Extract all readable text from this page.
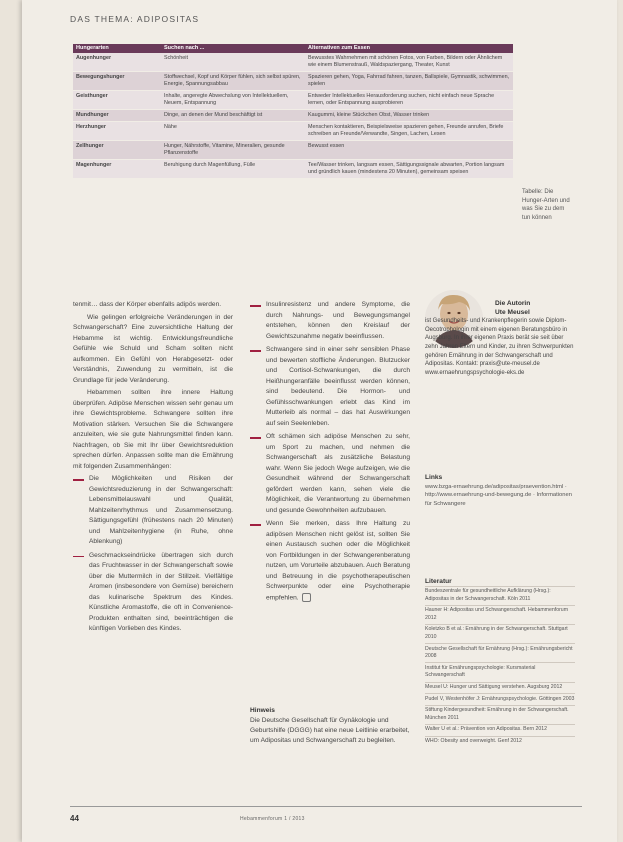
DAS THEMA: ADIPOSITAS
Hungerarten	Suchen nach ...	Alternativen zum Essen
Augenhunger	Schönheit	Bewusstes Wahrnehmen mit schönen Fotos, von Farben, Bildern oder Ähnlichem wie einem Blumenstrauß, Waldspaziergang, Theater, Kunst
Bewegungshunger	Stoffwechsel, Kopf und Körper fühlen, sich selbst spüren, Energie, Spannungsabbau	Spazieren gehen, Yoga, Fahrrad fahren, tanzen, Ballspiele, Gymnastik, schwimmen, spielen
Geisthunger	Inhalte, angeregte Abwechslung von Intellektuellem, Neuem, Entspannung	Entweder Intellektuelles Herausforderung suchen, nicht einfach neue Sprache lernen, oder Entspannung ausprobieren
Mundhunger	Dinge, an denen der Mund beschäftigt ist	Kaugummi, kleine Stückchen Obst, Wasser trinken
Herzhunger	Nähe	Menschen kontaktieren, Beispielsweise spazieren gehen, Freunde anrufen, Briefe schreiben an Freunde/Verwandte, Singen, Lachen, Lesen
Zellhunger	Hunger, Nährstoffe, Vitamine, Mineralien, gesunde Pflanzenstoffe	Bewusst essen
Magenhunger	Beruhigung durch Magenfüllung, Fülle	Tee/Wasser trinken, langsam essen, Sättigungssignale abwarten, Portion langsam und gründlich kauen (mindestens 20 Minuten), gemeinsam speisen
Tabelle: Die Hunger-Arten und was Sie zu dem tun können

tenmit… dass der Körper ebenfalls adipös werden.

Wie gelingen erfolgreiche Veränderungen in der Schwangerschaft? Eine zuversichtliche Haltung der Hebamme ist wichtig. Entwicklungsfreundliche Gefühle wie Schuld und Scham sollten nicht aufkommen. Ein Gefühl von Herabgesetzt- oder Verständnis, Zuwendung zu vermitteln, ist die Grundlage für jede Veränderung.

Hebammen sollten ihre innere Haltung überprüfen. Adipöse Menschen wissen sehr genau um ihre Gewichtsprobleme. Schwangere sollten ihre Motivation stärken. Versuchen Sie die Schwangere anzuleiten, wie sie gute Nahrungsmittel finden kann. Nachfragen, ob Sie mit Ihr über Gewichtsreduktion sprechen dürfen. Anpassen sollte man die Ernährung mit folgenden Zusammenhängen:

Die Möglichkeiten und Risiken der Gewichtsreduzierung in der Schwangerschaft: Lebensmittelauswahl und Qualität, Mahlzeitenrhythmus und Zusammensetzung. Sättigungsgefühl (frühestens nach 20 Minuten) und Mahlzeitenhygiene (in Ruhe, ohne Ablenkung)
Geschmackseindrücke übertragen sich durch das Fruchtwasser in der Schwangerschaft sowie über die Muttermilch in der Stillzeit. Vielfältige Aromen (insbesondere von Gemüse) bereichern das kulinarische Spektrum des Kindes. Künstliche Aromastoffe, die oft in Convenience-Produkten enthalten sind, beeinträchtigen die künftigen Vorlieben des Kindes.
Insulinresistenz und andere Symptome, die durch Nahrungs- und Bewegungsmangel entstehen, können den Kreislauf der Gewichtszunahme negativ beeinflussen.
Schwangere sind in einer sehr sensiblen Phase und bewerten stoffliche Änderungen. Blutzucker und Cortisol-Schwankungen, die durch Heißhungeranfälle beeinflusst werden können, sind bedeutend. Die Hormon- und Gefühlsschwankungen erlebt das Kind im Mutterleib als normal – das hat Auswirkungen auf sein Seelenleben.
Oft schämen sich adipöse Menschen zu sehr, um Sport zu machen, und nehmen die Schwangerschaft als zusätzliche Belastung wahr. Wenn Sie jedoch Wege aufzeigen, wie die Gesundheit während der Schwangerschaft gefördert werden kann, sehen viele die Möglichkeit, die Verantwortung zu übernehmen und gesunde Gewohnheiten aufzubauen.
Wenn Sie merken, dass Ihre Haltung zu adipösen Menschen nicht gelöst ist, sollten Sie einen Austausch suchen oder die Möglichkeit von Fortbildungen in der Schwangerenberatung nutzen, um Vorurteile abzubauen. Auch Beratung und Betreuung in die psychotherapeutischen Schwerpunkte oder eine Psychotherapie empfehlen.
Die Autorin
Ute Meusel
ist Gesundheits- und Krankenpflegerin sowie Diplom-Oecotrophologin mit einem eigenen Beratungsbüro in Augsburg. In ihrer eigenen Praxis berät sie seit über zehn Jahren Eltern und Kinder, zu ihren Schwerpunkten gehören Ernährung in der Schwangerschaft und Adipositas. Kontakt: praxis@ute-meusel.de www.ernaehrungspsychologie-eks.de
Links
www.bzga-ernaehrung.de/adipositas/praevention.html · http://www.ernaehrung-und-bewegung.de · Informationen für Schwangere
Literatur
Bundeszentrale für gesundheitliche Aufklärung (Hrsg.): Adipositas in der Schwangerschaft. Köln 2011
Hauner H: Adipositas und Schwangerschaft. Hebammenforum 2012
Koletzko B et al.: Ernährung in der Schwangerschaft. Stuttgart 2010
Deutsche Gesellschaft für Ernährung (Hrsg.): Ernährungsbericht 2008
Institut für Ernährungspsychologie: Kursmaterial Schwangerschaft
Meusel U: Hunger und Sättigung verstehen. Augsburg 2012
Pudel V, Westenhöfer J: Ernährungspsychologie. Göttingen 2003
Stiftung Kindergesundheit: Ernährung in der Schwangerschaft. München 2011
Walter U et al.: Prävention von Adipositas. Bern 2012
WHO: Obesity and overweight. Genf 2012
Hinweis
Die Deutsche Gesellschaft für Gynäkologie und Geburtshilfe (DGGG) hat eine neue Leitlinie erarbeitet, um Adipositas und Schwangerschaft zu begleiten.
44	Hebammenforum 1 / 2013
